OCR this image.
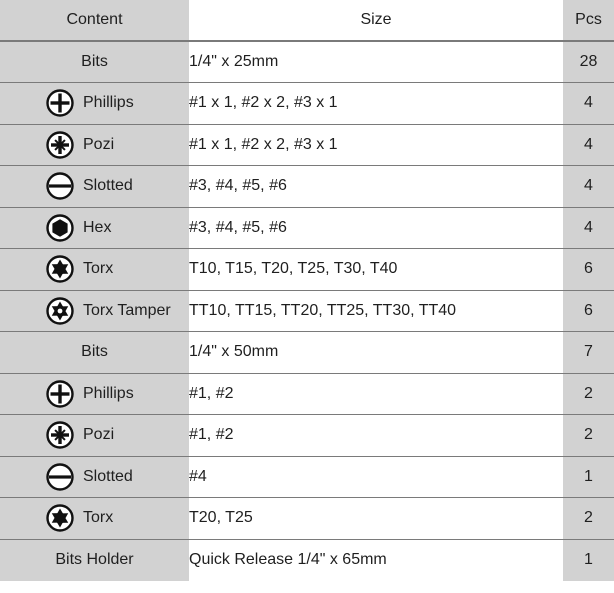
Content	Size	Pcs
Bits	1/4" x 25mm	28

Phillips	#1 x 1, #2 x 2, #3 x 1	4

Pozi	#1 x 1, #2 x 2, #3 x 1	4

Slotted	#3, #4, #5, #6	4

Hex	#3, #4, #5, #6	4

Torx	T10, T15, T20, T25, T30, T40	6

Torx Tamper	TT10, TT15, TT20, TT25, TT30, TT40	6
Bits	1/4" x 50mm	7

Phillips	#1, #2	2

Pozi	#1, #2	2

Slotted	#4	1

Torx	T20, T25	2
Bits Holder	Quick Release 1/4" x 65mm	1
